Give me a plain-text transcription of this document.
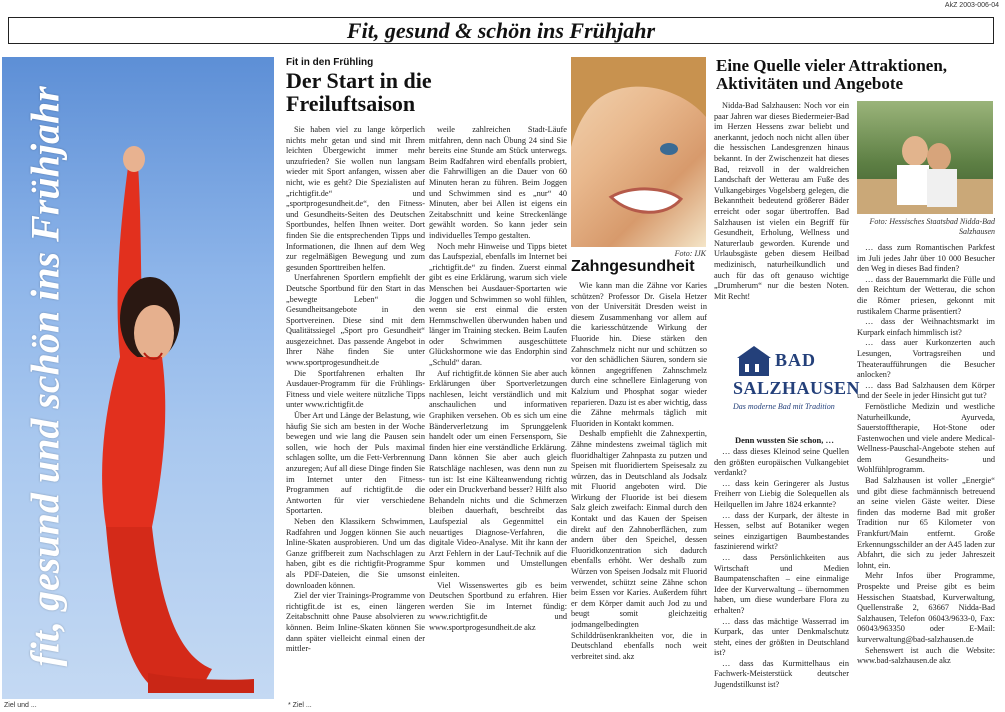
AkZ 2003-006-04
Fit, gesund & schön ins Frühjahr
fit, gesund und schön ins Frühjahr
Fit in den Frühling
Der Start in die Freiluftsaison

Sie haben viel zu lange körperlich nichts mehr getan und sind mit Ihrem leichten Übergewicht immer mehr unzufrieden? Sie wollen nun langsam wieder mit Sport anfangen, wissen aber nicht, wie es geht? Die Spezialisten auf „richtigfit.de“ und „sportprogesundheit.de“, den Fitness- und Gesundheits-Seiten des Deutschen Sportbundes, helfen Ihnen weiter. Dort finden Sie die entsprechenden Tipps und Informationen, die Ihnen auf dem Weg zur regelmäßigen Bewegung und zum gesunden Sporttreiben helfen.

Unerfahrenen Sportlern empfiehlt der Deutsche Sportbund für den Start in das „bewegte Leben“ die Gesundheitsangebote in den Sportvereinen. Diese sind mit dem Qualitätssiegel „Sport pro Gesundheit“ ausgezeichnet. Das passende Angebot in Ihrer Nähe finden Sie unter www.sportprogesundheit.de

Die Sportfahrenen erhalten Ihr Ausdauer-Programm für die Frühlings-Fitness und viele weitere nützliche Tipps unter www.richtigfit.de

Über Art und Länge der Belastung, wie häufig Sie sich am besten in der Woche bewegen und wie lang die Pausen sein sollen, wie hoch der Puls maximal schlagen sollte, um die Fett-Verbrennung anzuregen; Auf all diese Dinge finden Sie im Internet unter den Fitness-Programmen auf richtigfit.de die Antworten für vier verschiedene Sportarten.

Neben den Klassikern Schwimmen, Radfahren und Joggen können Sie auch Inline-Skaten ausprobieren. Und um das Ganze griffbereit zum Nachschlagen zu haben, gibt es die richtigfit-Programme als PDF-Dateien, die Sie umsonst downloaden können.

Ziel der vier Trainings-Programme von richtigfit.de ist es, einen längeren Zeitabschnitt ohne Pause absolvieren zu können. Beim Inline-Skaten können Sie dann später vielleicht einmal einen der mittler-

weile zahlreichen Stadt-Läufe mitfahren, denn nach Übung 24 sind Sie bereits eine Stunde am Stück unterwegs. Beim Radfahren wird ebenfalls probiert, die Fahrwilligen an die Dauer von 60 Minuten heran zu führen. Beim Joggen und Schwimmen sind es „nur“ 40 Minuten, aber bei Allen ist eigens ein Zeitabschnitt und keine Streckenlänge gewählt worden. So kann jeder sein individuelles Tempo gestalten.

Noch mehr Hinweise und Tipps bietet das Laufspezial, ebenfalls im Internet bei „richtigfit.de“ zu finden. Zuerst einmal gibt es eine Erklärung, warum sich viele Menschen bei Ausdauer-Sportarten wie Joggen und Schwimmen so wohl fühlen, wenn sie erst einmal die ersten Hemmschwellen überwunden haben und länger im Training stecken. Beim Laufen oder Schwimmen ausgeschüttete Glückshormone wie das Endorphin sind „Schuld“ daran.

Auf richtigfit.de können Sie aber auch Erklärungen über Sportverletzungen nachlesen, leicht verständlich und mit anschaulichen und informativen Graphiken versehen. Ob es sich um eine Bänderverletzung im Sprunggelenk handelt oder um einen Fersensporn, Sie finden hier eine verständliche Erklärung. Dann können Sie aber auch gleich Ratschläge nachlesen, was denn nun zu tun ist: Ist eine Kälteanwendung richtig oder ein Druckverband besser? Hilft also Behandeln nichts und die Schmerzen bleiben dauerhaft, beschreibt das Laufspezial als Gegenmittel ein neuartiges Diagnose-Verfahren, die digitale Video-Analyse. Mit ihr kann der Arzt Fehlern in der Lauf-Technik auf die Spur kommen und Umstellungen einleiten.

Viel Wissenswertes gib es beim Deutschen Sportbund zu erfahren. Hier werden Sie im Internet fündig: www.richtigfit.de und www.sportprogesundheit.de akz

Foto: IJK
Zahngesundheit

Wie kann man die Zähne vor Karies schützen? Professor Dr. Gisela Hetzer von der Universität Dresden weist in diesem Zusammenhang vor allem auf die kariesschützende Wirkung der Fluoride hin. Diese stärken den Zahnschmelz nicht nur und schützen so vor den schädlichen Säuren, sondern sie können angegriffenen Zahnschmelz durch eine schnellere Einlagerung von Kalzium und Phosphat sogar wieder reparieren. Dazu ist es aber wichtig, dass die Zähne mehrmals täglich mit Fluoriden in Kontakt kommen.

Deshalb empfiehlt die Zahnexpertin, Zähne mindestens zweimal täglich mit fluoridhaltiger Zahnpasta zu putzen und Speisen mit fluoridiertem Speisesalz zu würzen, das in Deutschland als Jodsalz mit Fluorid angeboten wird. Die Wirkung der Fluoride ist bei diesem Salz gleich zweifach: Einmal durch den Kontakt und das Kauen der Speisen direkt auf den Zahnoberflächen, zum andern über den Speichel, dessen Fluoridkonzentration sich dadurch ebenfalls erhöht. Wer deshalb zum Würzen von Speisen Jodsalz mit Fluorid verwendet, schützt seine Zähne schon beim Essen vor Karies. Außerdem führt er dem Körper damit auch Jod zu und beugt somit gleichzeitig jodmangelbedingten Schilddrüsenkrankheiten vor, die in Deutschland ebenfalls noch weit verbreitet sind. akz

Eine Quelle vieler Attraktionen, Aktivitäten und Angebote

Nidda-Bad Salzhausen: Noch vor ein paar Jahren war dieses Biedermeier-Bad im Herzen Hessens zwar beliebt und anerkannt, jedoch noch nicht allen über die hessischen Landesgrenzen hinaus bekannt. In der Zwischenzeit hat dieses Bad, reizvoll in der waldreichen Landschaft der Wetterau am Fuße des Vulkangebirges Vogelsberg gelegen, die Bekanntheit bedeutend größerer Bäder erreicht oder sogar übertroffen. Bad Salzhausen ist vielen ein Begriff für Gesundheit, Erholung, Wellness und Naturerlaub geworden. Kurende und Urlaubsgäste geben diesem Heilbad medizinisch, naturheilkundlich und auch für das oft genauso wichtige „Drumherum“ nur die besten Noten. Mit Recht!

Foto: Hessisches Staatsbad Nidda-Bad Salzhausen
BAD
SALZHAUSEN
Das moderne Bad mit Tradition
Denn wussten Sie schon, …

… dass dieses Kleinod seine Quellen den größten europäischen Vulkangebiet verdankt?

… dass kein Geringerer als Justus Freiherr von Liebig die Solequellen als Heilquellen im Jahre 1824 erkannte?

… dass der Kurpark, der älteste in Hessen, selbst auf Botaniker wegen seines einzigartigen Baumbestandes faszinierend wirkt?

… dass Persönlichkeiten aus Wirtschaft und Medien Baumpatenschaften – eine einmalige Idee der Kurverwaltung – übernommen haben, um diese wunderbare Flora zu erhalten?

… dass das mächtige Wasserrad im Kurpark, das unter Denkmalschutz steht, eines der größten in Deutschland ist?

… dass das Kurmittelhaus ein Fachwerk-Meisterstück deutscher Jugendstilkunst ist?

… dass zum Romantischen Parkfest im Juli jedes Jahr über 10 000 Besucher den Weg in dieses Bad finden?

… dass der Bauernmarkt die Fülle und den Reichtum der Wetterau, die schon die Römer priesen, gekonnt mit rustikalem Charme präsentiert?

… dass der Weihnachtsmarkt im Kurpark einfach himmlisch ist?

… dass auer Kurkonzerten auch Lesungen, Vortragsreihen und Theateraufführungen die Besucher anlocken?

… dass Bad Salzhausen dem Körper und der Seele in jeder Hinsicht gut tut?

Fernöstliche Medizin und westliche Naturheilkunde, Ayurveda, Sauerstofftherapie, Hot-Stone oder Fastenwochen und viele andere Medical-Wellness-Pauschal-Angebote stehen auf dem Gesundheits- und Wohlfühlprogramm.

Bad Salzhausen ist voller „Energie“ und gibt diese fachmännisch betreuend an seine vielen Gäste weiter. Diese finden das moderne Bad mit großer Tradition nur 65 Kilometer von Frankfurt/Main entfernt. Große Erkennungsschilder an der A45 laden zur Abfahrt, die sich zu jeder Jahreszeit lohnt, ein.

Mehr Infos über Programme, Prospekte und Preise gibt es beim Hessischen Staatsbad, Kurverwaltung, Quellenstraße 2, 63667 Nidda-Bad Salzhausen, Telefon 06043/9633-0, Fax: 06043/963350 oder E-Mail: kurverwaltung@bad-salzhausen.de

Sehenswert ist auch die Website: www.bad-salzhausen.de akz

Ziel und ...	* Ziel ...
